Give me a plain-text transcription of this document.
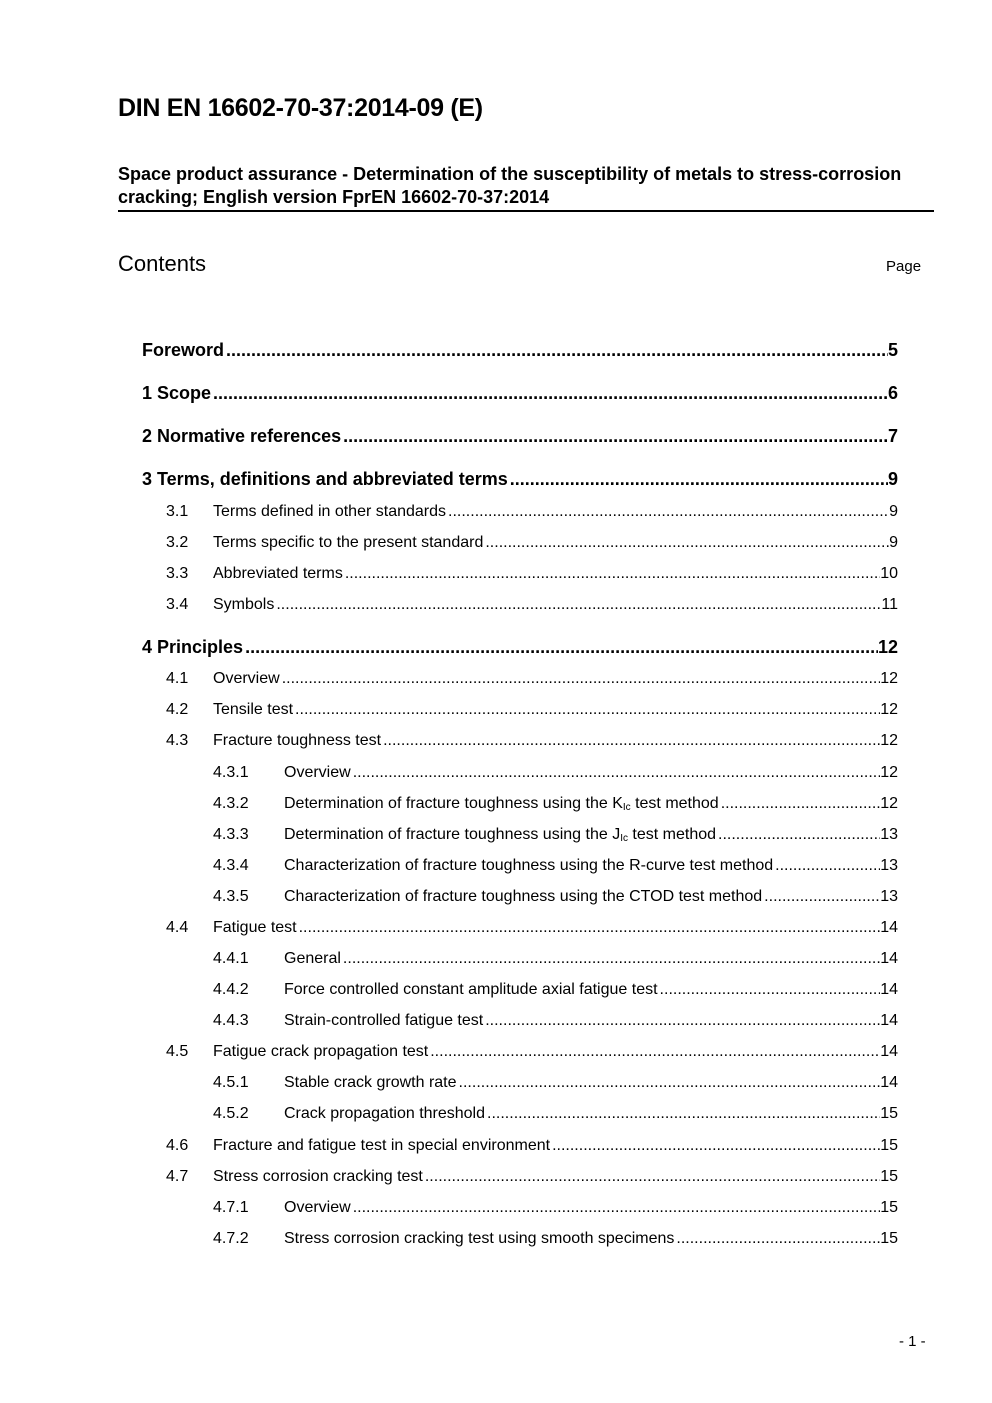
DIN EN 16602-70-37:2014-09 (E)
Space product assurance - Determination of the susceptibility of metals to stress-corrosion cracking; English version FprEN 16602-70-37:2014
Contents	Page
Foreword .....	5
1 Scope .....	6
2 Normative references .....	7
3 Terms, definitions and abbreviated terms .....	9
3.1	Terms defined in other standards .....	9
3.2	Terms specific to the present standard .....	9
3.3	Abbreviated terms .....	10
3.4	Symbols .....	11
4 Principles .....	12
4.1	Overview .....	12
4.2	Tensile test .....	12
4.3	Fracture toughness test .....	12
4.3.1	Overview .....	12
4.3.2	Determination of fracture toughness using the $K_{Ic}$ test method .....	12
4.3.3	Determination of fracture toughness using the $J_{Ic}$ test method .....	13
4.3.4	Characterization of fracture toughness using the R-curve test method .....	13
4.3.5	Characterization of fracture toughness using the CTOD test method .....	13
4.4	Fatigue test .....	14
4.4.1	General .....	14
4.4.2	Force controlled constant amplitude axial fatigue test .....	14
4.4.3	Strain-controlled fatigue test .....	14
4.5	Fatigue crack propagation test .....	14
4.5.1	Stable crack growth rate .....	14
4.5.2	Crack propagation threshold .....	15
4.6	Fracture and fatigue test in special environment .....	15
4.7	Stress corrosion cracking test .....	15
4.7.1	Overview .....	15
4.7.2	Stress corrosion cracking test using smooth specimens .....	15
- 1 -
